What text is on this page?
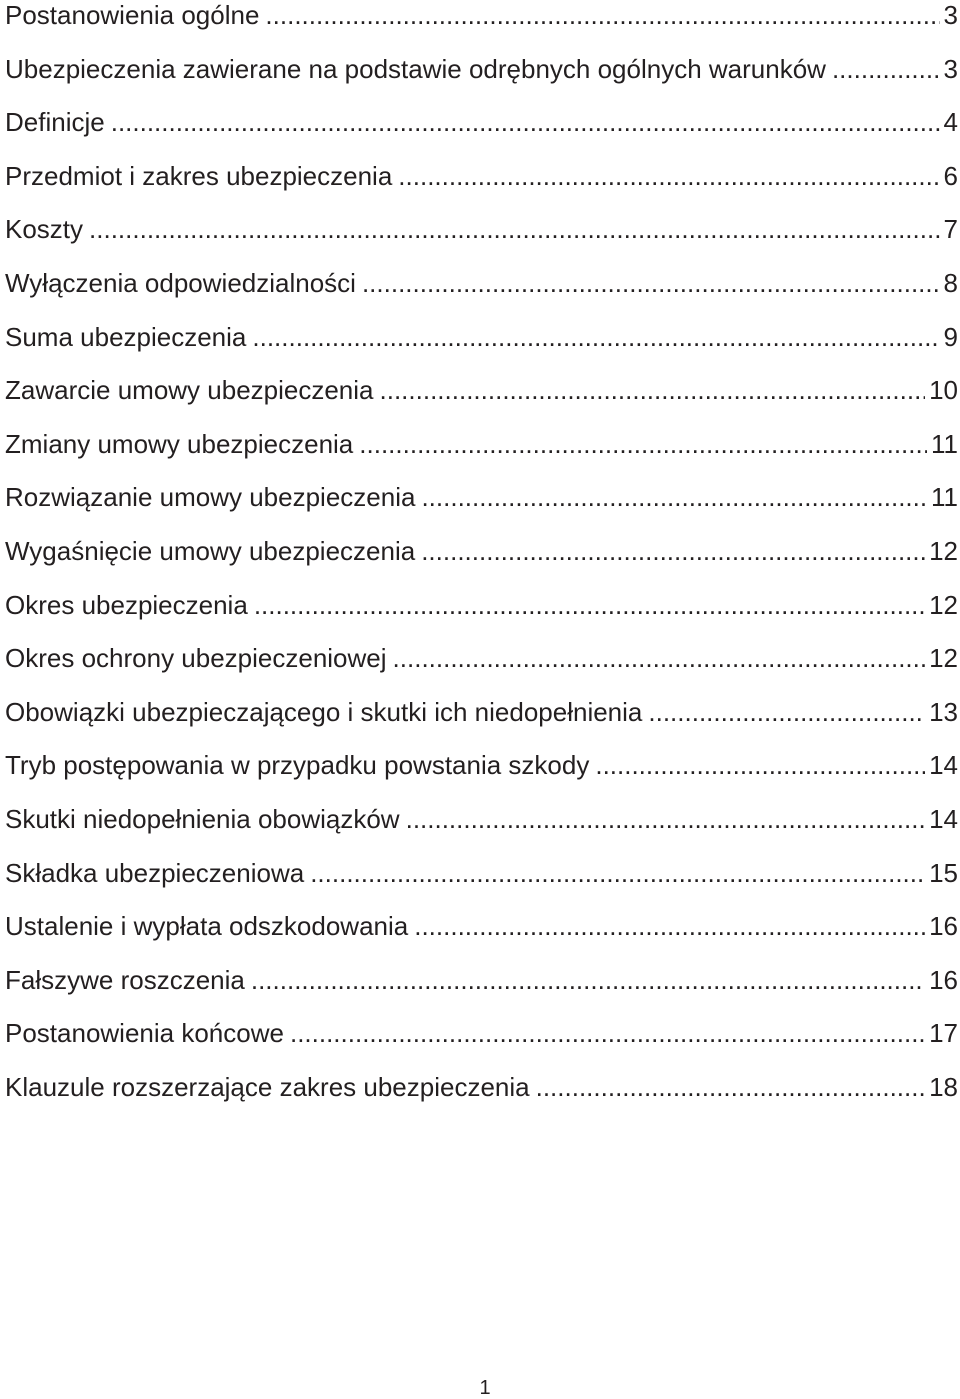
Postanowienia ogólne .....	3
Ubezpieczenia zawierane na podstawie odrębnych ogólnych warunków .....	3
Definicje .....	4
Przedmiot i zakres ubezpieczenia .....	6
Koszty .....	7
Wyłączenia odpowiedzialności .....	8
Suma ubezpieczenia .....	9
Zawarcie umowy ubezpieczenia .....	10
Zmiany umowy ubezpieczenia .....	11
Rozwiązanie umowy ubezpieczenia .....	11
Wygaśnięcie umowy ubezpieczenia .....	12
Okres ubezpieczenia .....	12
Okres ochrony ubezpieczeniowej .....	12
Obowiązki ubezpieczającego i skutki ich niedopełnienia .....	13
Tryb postępowania w przypadku powstania szkody .....	14
Skutki niedopełnienia obowiązków .....	14
Składka ubezpieczeniowa .....	15
Ustalenie i wypłata odszkodowania .....	16
Fałszywe roszczenia .....	16
Postanowienia końcowe .....	17
Klauzule rozszerzające zakres ubezpieczenia .....	18
1
